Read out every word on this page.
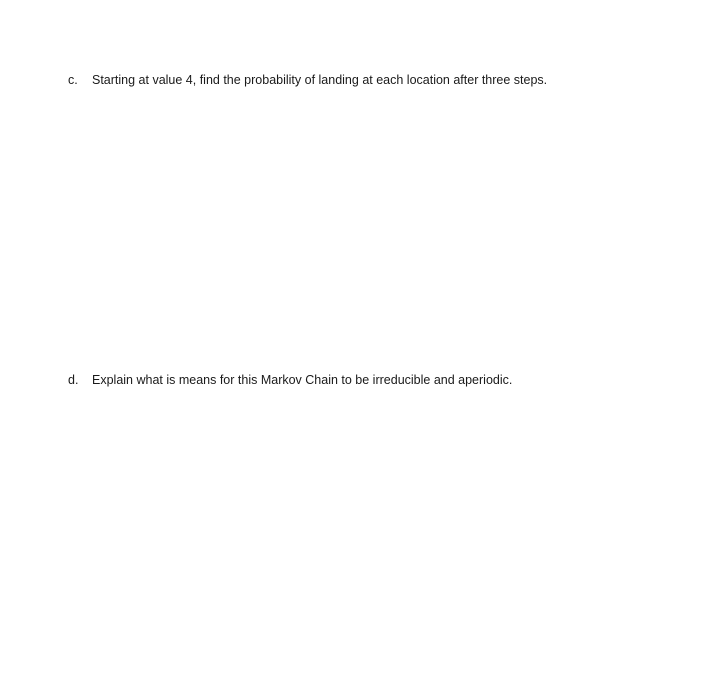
c.	Starting at value 4, find the probability of landing at each location after three steps.
d.	Explain what is means for this Markov Chain to be irreducible and aperiodic.
